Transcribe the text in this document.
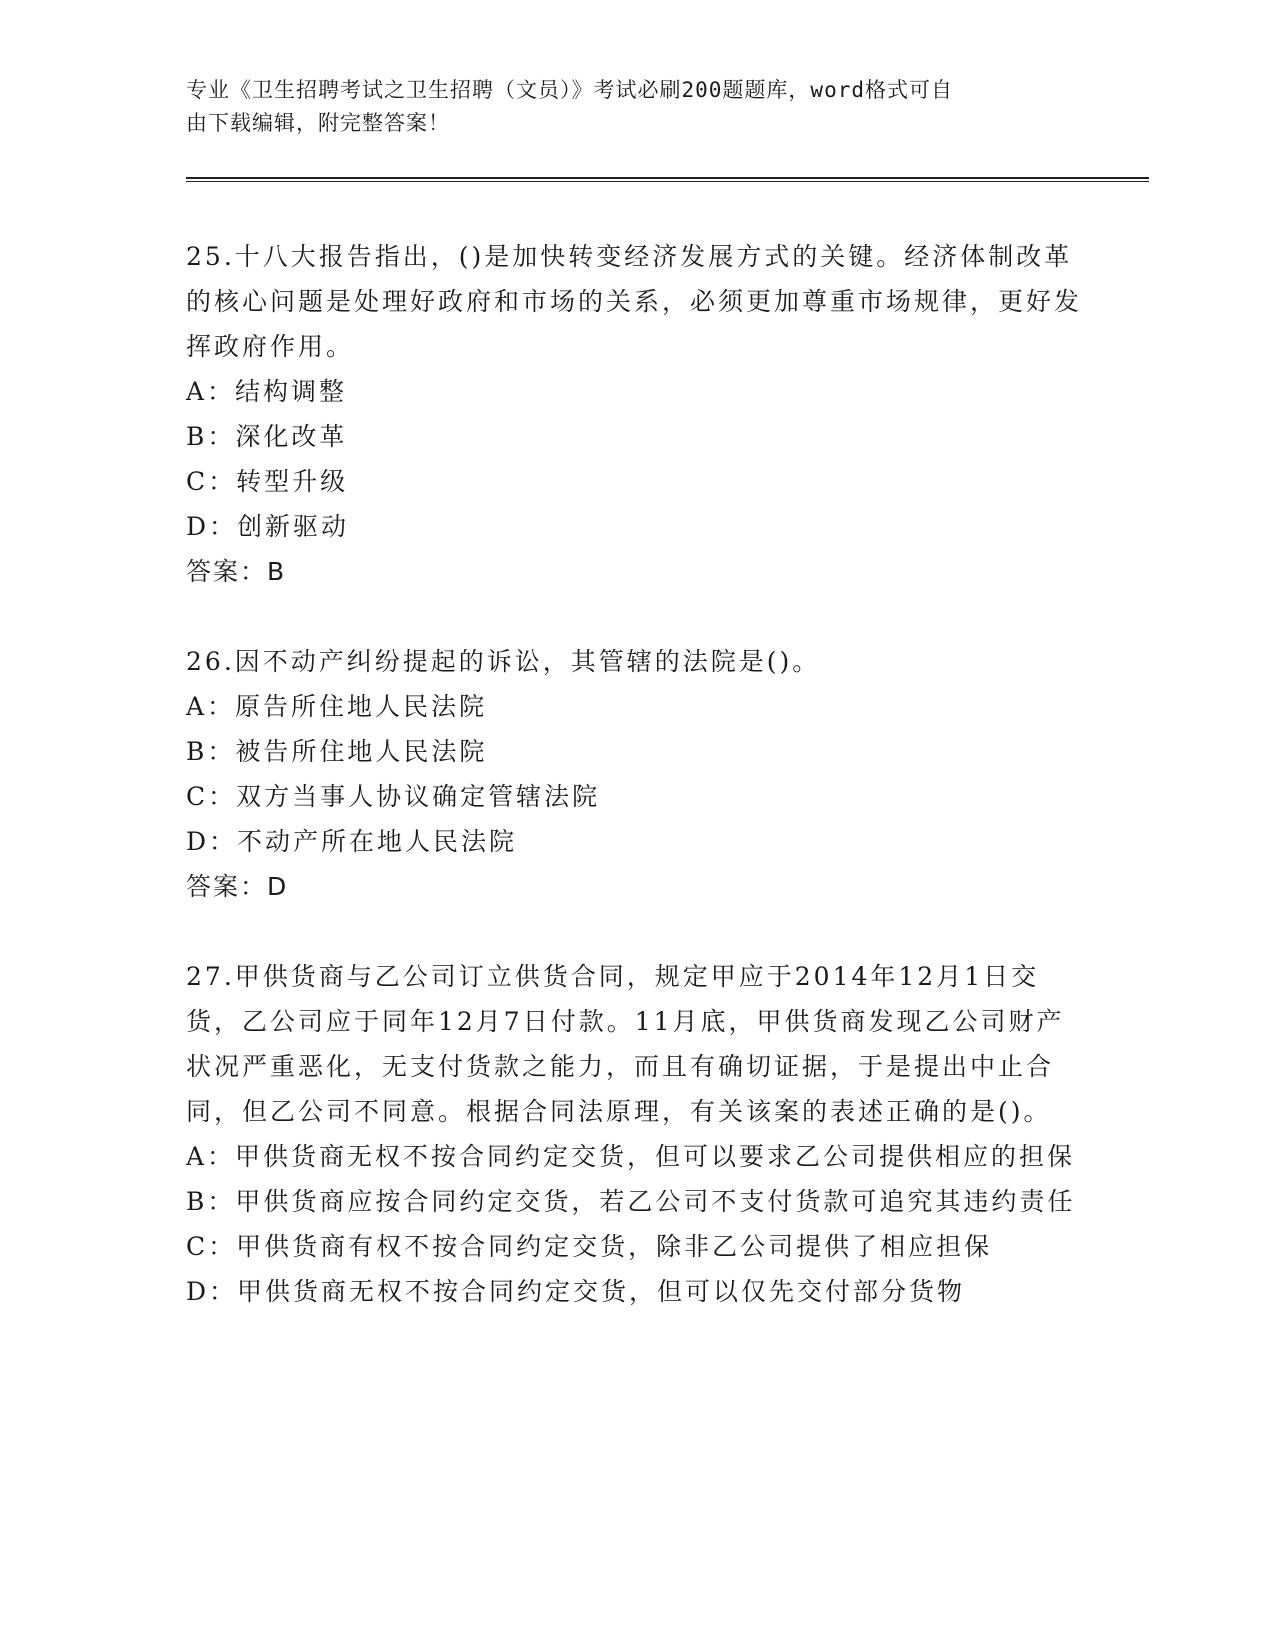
专业《卫生招聘考试之卫生招聘（文员）》考试必刷200题题库，word格式可自
由下载编辑，附完整答案！
25 . 十八大报告指出，()是加快转变经济发展方式的关键。经济体制改革的核心问题是处理好政府和市场的关系，必须更加尊重市场规律，更好发挥政府作用。
A：结构调整
B：深化改革
C：转型升级
D：创新驱动
答案：B
26 . 因不动产纠纷提起的诉讼，其管辖的法院是()。
A：原告所住地人民法院
B：被告所住地人民法院
C：双方当事人协议确定管辖法院
D：不动产所在地人民法院
答案：D
27 . 甲供货商与乙公司订立供货合同，规定甲应于2014年12月1日交货，乙公司应于同年12月7日付款。11月底，甲供货商发现乙公司财产状况严重恶化，无支付货款之能力，而且有确切证据，于是提出中止合同，但乙公司不同意。根据合同法原理，有关该案的表述正确的是()。
A：甲供货商无权不按合同约定交货，但可以要求乙公司提供相应的担保
B：甲供货商应按合同约定交货，若乙公司不支付货款可追究其违约责任
C：甲供货商有权不按合同约定交货，除非乙公司提供了相应担保
D：甲供货商无权不按合同约定交货，但可以仅先交付部分货物
